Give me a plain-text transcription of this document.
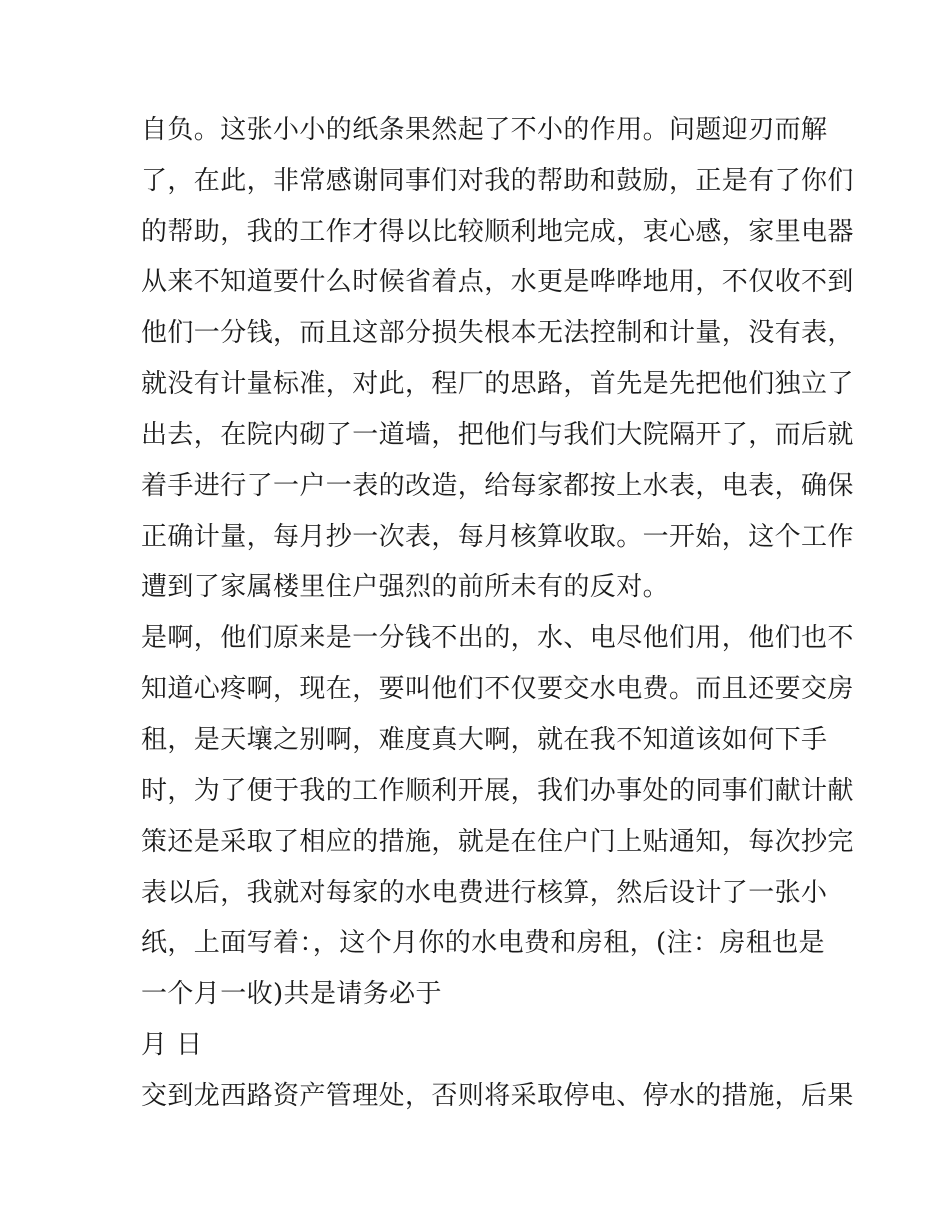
自负。这张小小的纸条果然起了不小的作用。问题迎刃而解
了，在此，非常感谢同事们对我的帮助和鼓励，正是有了你们
的帮助，我的工作才得以比较顺利地完成，衷心感，家里电器
从来不知道要什么时候省着点，水更是哗哗地用，不仅收不到
他们一分钱，而且这部分损失根本无法控制和计量，没有表，
就没有计量标准，对此，程厂的思路，首先是先把他们独立了
出去，在院内砌了一道墙，把他们与我们大院隔开了，而后就
着手进行了一户一表的改造，给每家都按上水表，电表，确保
正确计量，每月抄一次表，每月核算收取。一开始，这个工作
遭到了家属楼里住户强烈的前所未有的反对。
是啊，他们原来是一分钱不出的，水、电尽他们用，他们也不
知道心疼啊，现在，要叫他们不仅要交水电费。而且还要交房
租，是天壤之别啊，难度真大啊，就在我不知道该如何下手
时，为了便于我的工作顺利开展，我们办事处的同事们献计献
策还是采取了相应的措施，就是在住户门上贴通知，每次抄完
表以后，我就对每家的水电费进行核算，然后设计了一张小
纸，上面写着：，这个月你的水电费和房租，(注：房租也是
一个月一收)共是请务必于
月 日
交到龙西路资产管理处，否则将采取停电、停水的措施，后果
